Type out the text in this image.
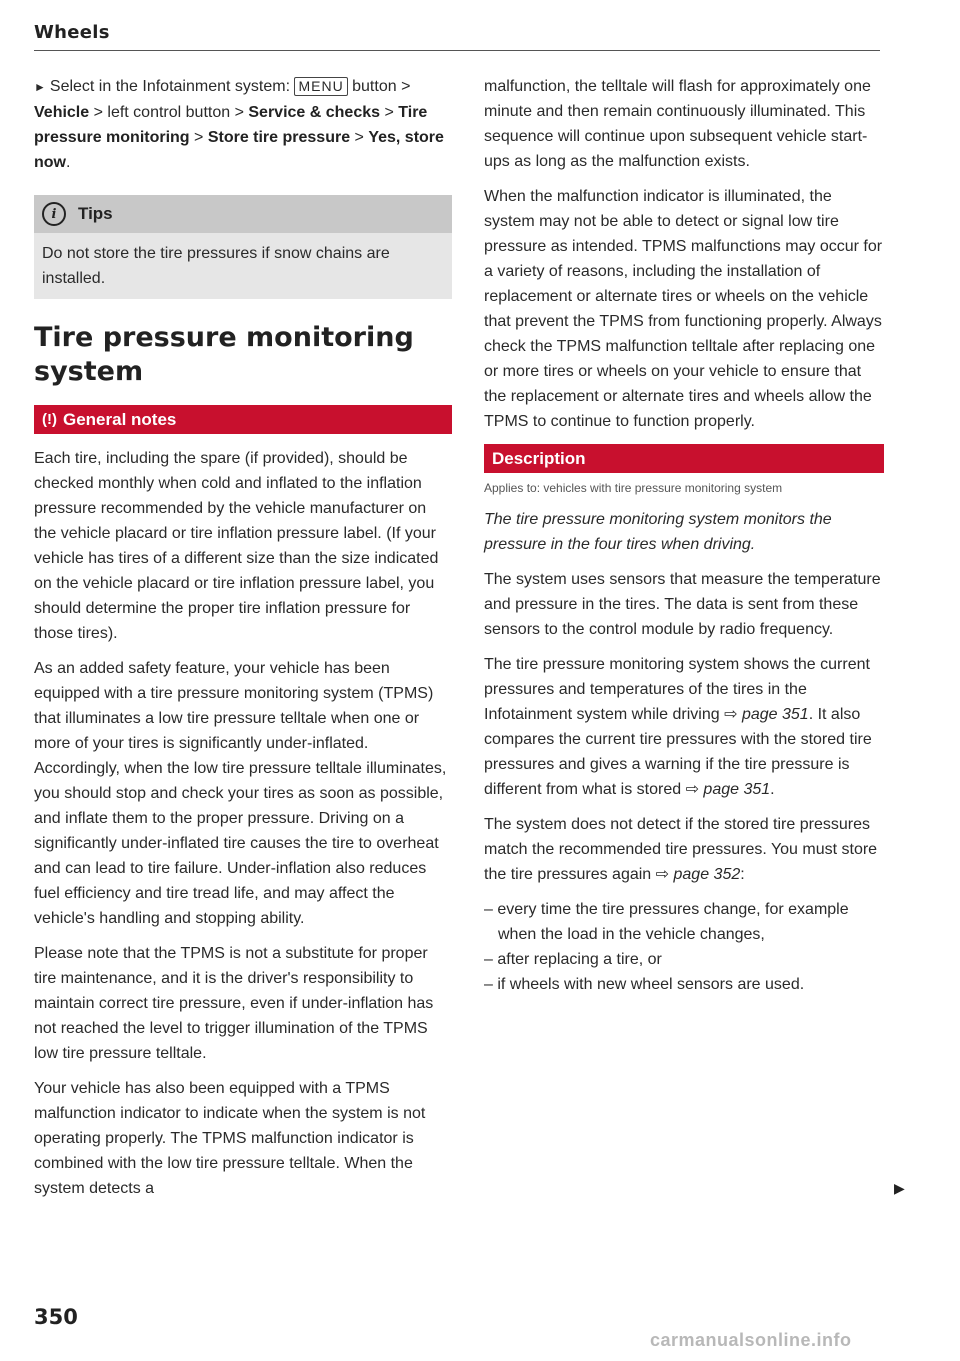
Wheels

► Select in the Infotainment system: MENU button > Vehicle > left control button > Service & checks > Tire pressure monitoring > Store tire pressure > Yes, store now.

i	Tips

Do not store the tire pressures if snow chains are installed.

Tire pressure monitoring system
(!) General notes

Each tire, including the spare (if provided), should be checked monthly when cold and inflated to the inflation pressure recommended by the vehicle manufacturer on the vehicle placard or tire inflation pressure label. (If your vehicle has tires of a different size than the size indicated on the vehicle placard or tire inflation pressure label, you should determine the proper tire inflation pressure for those tires).

As an added safety feature, your vehicle has been equipped with a tire pressure monitoring system (TPMS) that illuminates a low tire pressure telltale when one or more of your tires is significantly under-inflated. Accordingly, when the low tire pressure telltale illuminates, you should stop and check your tires as soon as possible, and inflate them to the proper pressure. Driving on a significantly under-inflated tire causes the tire to overheat and can lead to tire failure. Under-inflation also reduces fuel efficiency and tire tread life, and may affect the vehicle's handling and stopping ability.

Please note that the TPMS is not a substitute for proper tire maintenance, and it is the driver's responsibility to maintain correct tire pressure, even if under-inflation has not reached the level to trigger illumination of the TPMS low tire pressure telltale.

Your vehicle has also been equipped with a TPMS malfunction indicator to indicate when the system is not operating properly. The TPMS malfunction indicator is combined with the low tire pressure telltale. When the system detects a

malfunction, the telltale will flash for approximately one minute and then remain continuously illuminated. This sequence will continue upon subsequent vehicle start-ups as long as the malfunction exists.

When the malfunction indicator is illuminated, the system may not be able to detect or signal low tire pressure as intended. TPMS malfunctions may occur for a variety of reasons, including the installation of replacement or alternate tires or wheels on the vehicle that prevent the TPMS from functioning properly. Always check the TPMS malfunction telltale after replacing one or more tires or wheels on your vehicle to ensure that the replacement or alternate tires and wheels allow the TPMS to continue to function properly.

Description

Applies to: vehicles with tire pressure monitoring system

The tire pressure monitoring system monitors the pressure in the four tires when driving.

The system uses sensors that measure the temperature and pressure in the tires. The data is sent from these sensors to the control module by radio frequency.

The tire pressure monitoring system shows the current pressures and temperatures of the tires in the Infotainment system while driving ⇨ page 351. It also compares the current tire pressures with the stored tire pressures and gives a warning if the tire pressure is different from what is stored ⇨ page 351.

The system does not detect if the stored tire pressures match the recommended tire pressures. You must store the tire pressures again ⇨ page 352:

– every time the tire pressures change, for example when the load in the vehicle changes,
– after replacing a tire, or
– if wheels with new wheel sensors are used.
▶
350
carmanualsonline.info
